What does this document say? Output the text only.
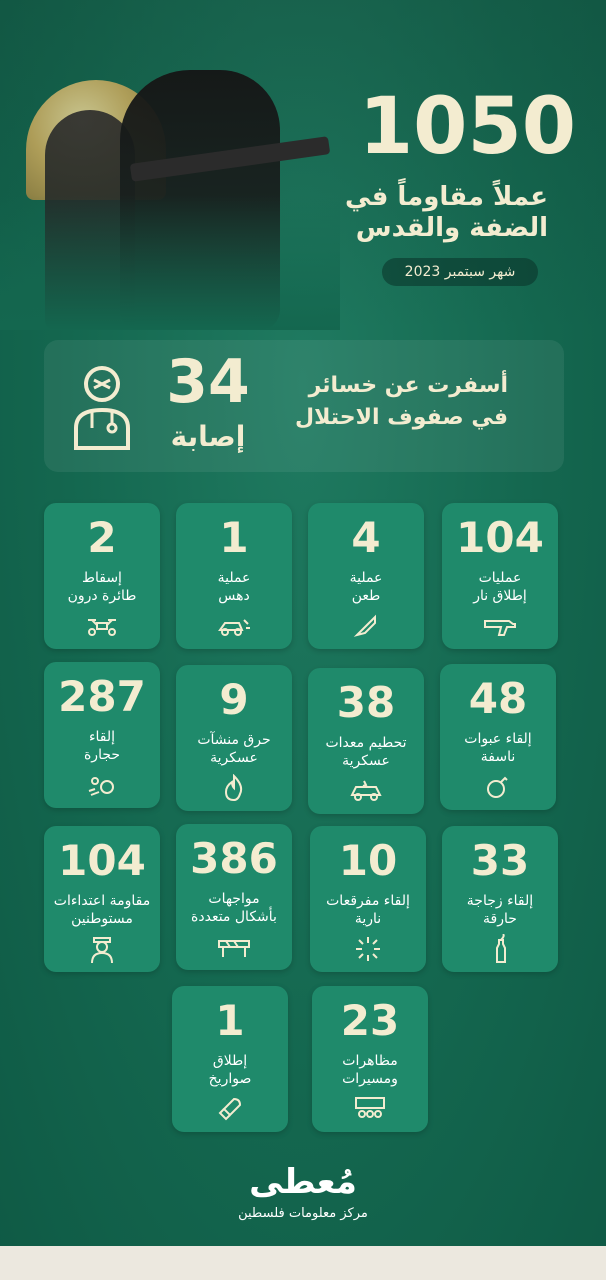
1050
عملاً مقاوماً في
الضفة والقدس
شهر سبتمبر 2023
أسفرت عن خسائر
في صفوف الاحتلال
34
إصابة
104
عمليات
إطلاق نار
4
عملية
طعن
1
عملية
دهس
2
إسقاط
طائرة درون
48
إلقاء عبوات
ناسفة
38
تحطيم معدات
عسكرية
9
حرق منشآت
عسكرية
287
إلقاء
حجارة
33
إلقاء زجاجة
حارقة
10
إلقاء مفرقعات
نارية
386
مواجهات
بأشكال متعددة
104
مقاومة اعتداءات
مستوطنين
23
مظاهرات
ومسيرات
1
إطلاق
صواريخ
مُعطى
مركز معلومات فلسطين
